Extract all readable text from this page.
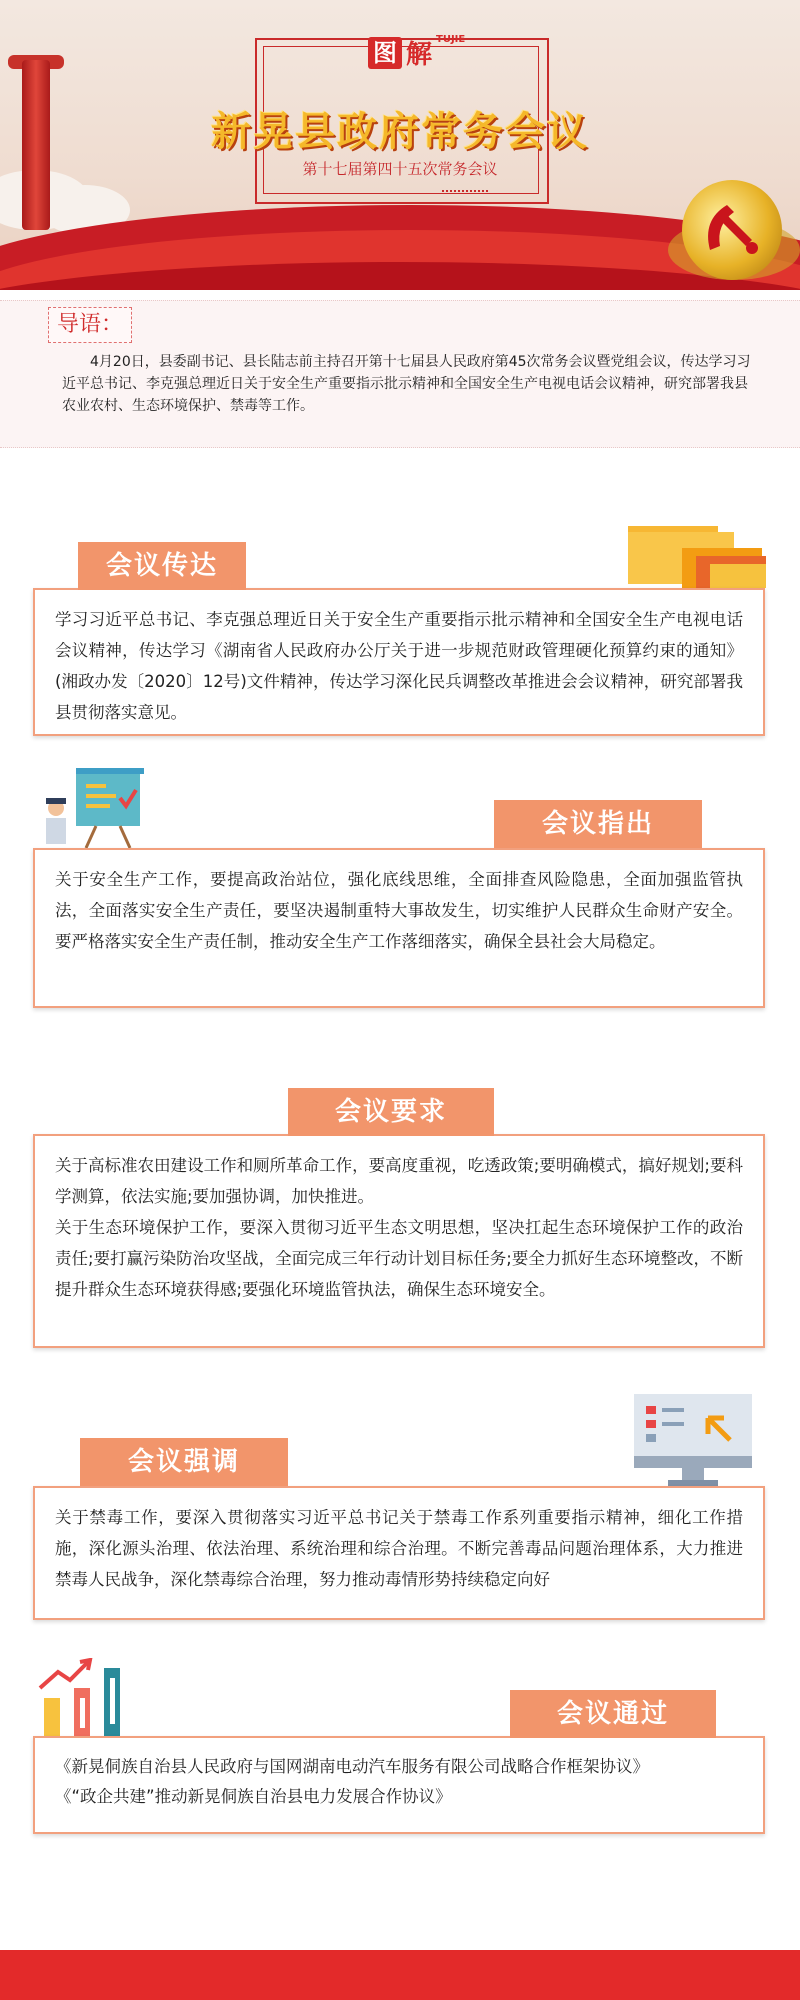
图 解
TUJIE
新晃县政府常务会议
第十七届第四十五次常务会议
导语：
4月20日，县委副书记、县长陆志前主持召开第十七届县人民政府第45次常务会议暨党组会议，传达学习习近平总书记、李克强总理近日关于安全生产重要指示批示精神和全国安全生产电视电话会议精神，研究部署我县农业农村、生态环境保护、禁毒等工作。
学习习近平总书记、李克强总理近日关于安全生产重要指示批示精神和全国安全生产电视电话会议精神，传达学习《湖南省人民政府办公厅关于进一步规范财政管理硬化预算约束的通知》(湘政办发〔2020〕12号)文件精神，传达学习深化民兵调整改革推进会会议精神，研究部署我县贯彻落实意见。
会议传达
关于安全生产工作，要提高政治站位，强化底线思维，全面排查风险隐患，全面加强监管执法，全面落实安全生产责任，要坚决遏制重特大事故发生，切实维护人民群众生命财产安全。要严格落实安全生产责任制，推动安全生产工作落细落实，确保全县社会大局稳定。
会议指出
关于高标准农田建设工作和厕所革命工作，要高度重视，吃透政策;要明确模式，搞好规划;要科学测算，依法实施;要加强协调，加快推进。
关于生态环境保护工作，要深入贯彻习近平生态文明思想，坚决扛起生态环境保护工作的政治责任;要打赢污染防治攻坚战，全面完成三年行动计划目标任务;要全力抓好生态环境整改，不断提升群众生态环境获得感;要强化环境监管执法，确保生态环境安全。
会议要求
关于禁毒工作，要深入贯彻落实习近平总书记关于禁毒工作系列重要指示精神，细化工作措施，深化源头治理、依法治理、系统治理和综合治理。不断完善毒品问题治理体系，大力推进禁毒人民战争，深化禁毒综合治理，努力推动毒情形势持续稳定向好
会议强调
《新晃侗族自治县人民政府与国网湖南电动汽车服务有限公司战略合作框架协议》
《“政企共建”推动新晃侗族自治县电力发展合作协议》
会议通过
